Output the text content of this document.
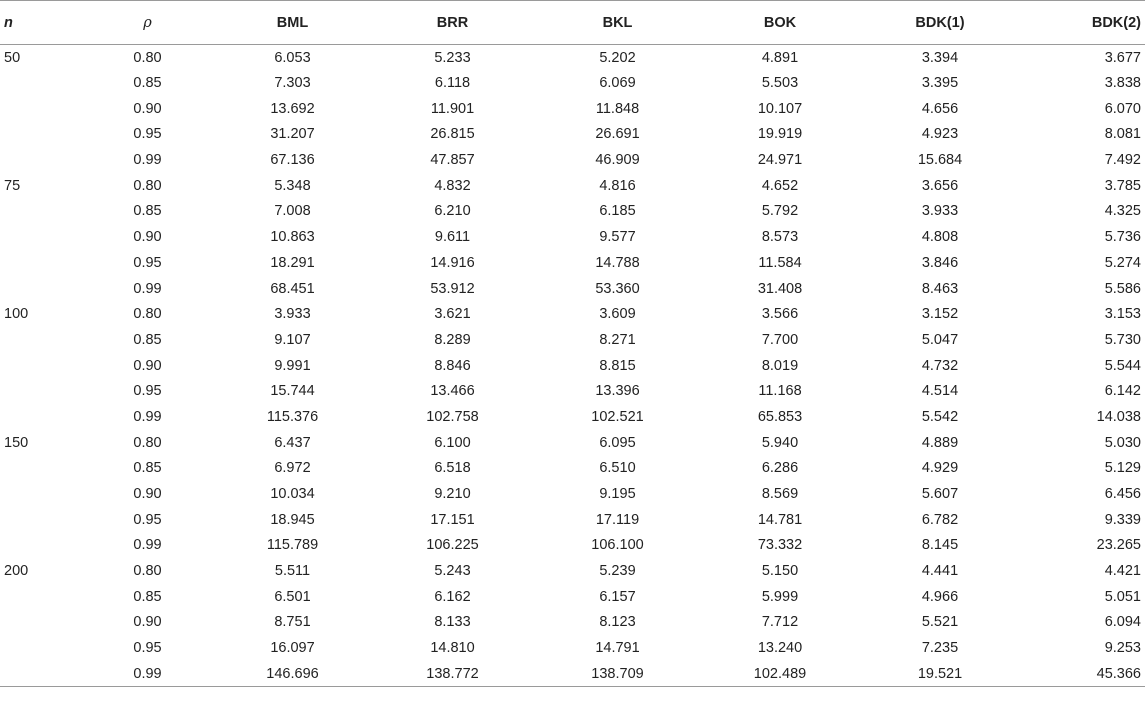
n	ρ	BML	BRR	BKL	BOK	BDK(1)	BDK(2)
50	0.80	6.053	5.233	5.202	4.891	3.394	3.677
	0.85	7.303	6.118	6.069	5.503	3.395	3.838
	0.90	13.692	11.901	11.848	10.107	4.656	6.070
	0.95	31.207	26.815	26.691	19.919	4.923	8.081
	0.99	67.136	47.857	46.909	24.971	15.684	7.492
75	0.80	5.348	4.832	4.816	4.652	3.656	3.785
	0.85	7.008	6.210	6.185	5.792	3.933	4.325
	0.90	10.863	9.611	9.577	8.573	4.808	5.736
	0.95	18.291	14.916	14.788	11.584	3.846	5.274
	0.99	68.451	53.912	53.360	31.408	8.463	5.586
100	0.80	3.933	3.621	3.609	3.566	3.152	3.153
	0.85	9.107	8.289	8.271	7.700	5.047	5.730
	0.90	9.991	8.846	8.815	8.019	4.732	5.544
	0.95	15.744	13.466	13.396	11.168	4.514	6.142
	0.99	115.376	102.758	102.521	65.853	5.542	14.038
150	0.80	6.437	6.100	6.095	5.940	4.889	5.030
	0.85	6.972	6.518	6.510	6.286	4.929	5.129
	0.90	10.034	9.210	9.195	8.569	5.607	6.456
	0.95	18.945	17.151	17.119	14.781	6.782	9.339
	0.99	115.789	106.225	106.100	73.332	8.145	23.265
200	0.80	5.511	5.243	5.239	5.150	4.441	4.421
	0.85	6.501	6.162	6.157	5.999	4.966	5.051
	0.90	8.751	8.133	8.123	7.712	5.521	6.094
	0.95	16.097	14.810	14.791	13.240	7.235	9.253
	0.99	146.696	138.772	138.709	102.489	19.521	45.366
